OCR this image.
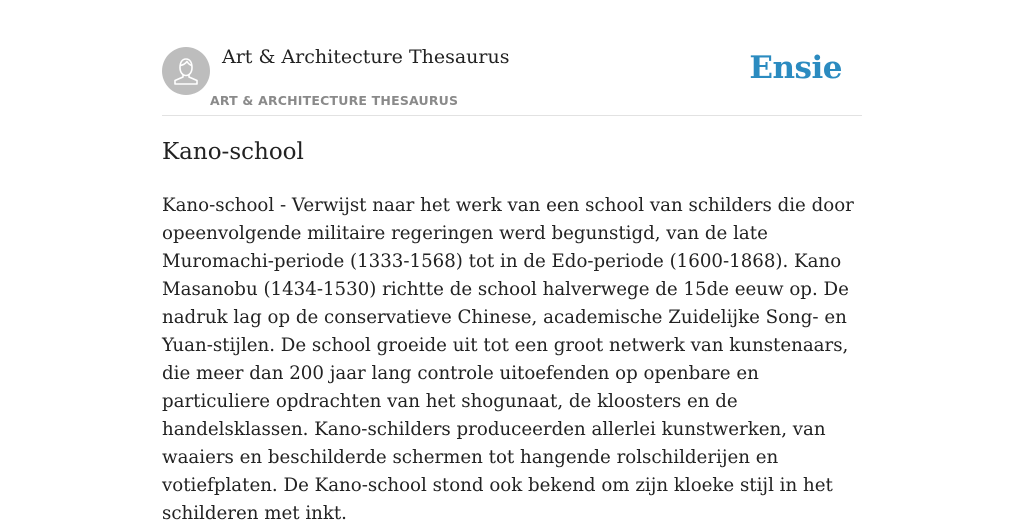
Art & Architecture Thesaurus
ART & ARCHITECTURE THESAURUS
Ensie
Kano-school

Kano-school - Verwijst naar het werk van een school van schilders die door opeenvolgende militaire regeringen werd begunstigd, van de late Muromachi-periode (1333-1568) tot in de Edo-periode (1600-1868). Kano Masanobu (1434-1530) richtte de school halverwege de 15de eeuw op. De nadruk lag op de conservatieve Chinese, academische Zuidelijke Song- en Yuan-stijlen. De school groeide uit tot een groot netwerk van kunstenaars, die meer dan 200 jaar lang controle uitoefenden op openbare en particuliere opdrachten van het shogunaat, de kloosters en de handelsklassen. Kano-schilders produceerden allerlei kunstwerken, van waaiers en beschilderde schermen tot hangende rolschilderijen en votiefplaten. De Kano-school stond ook bekend om zijn kloeke stijl in het schilderen met inkt.
